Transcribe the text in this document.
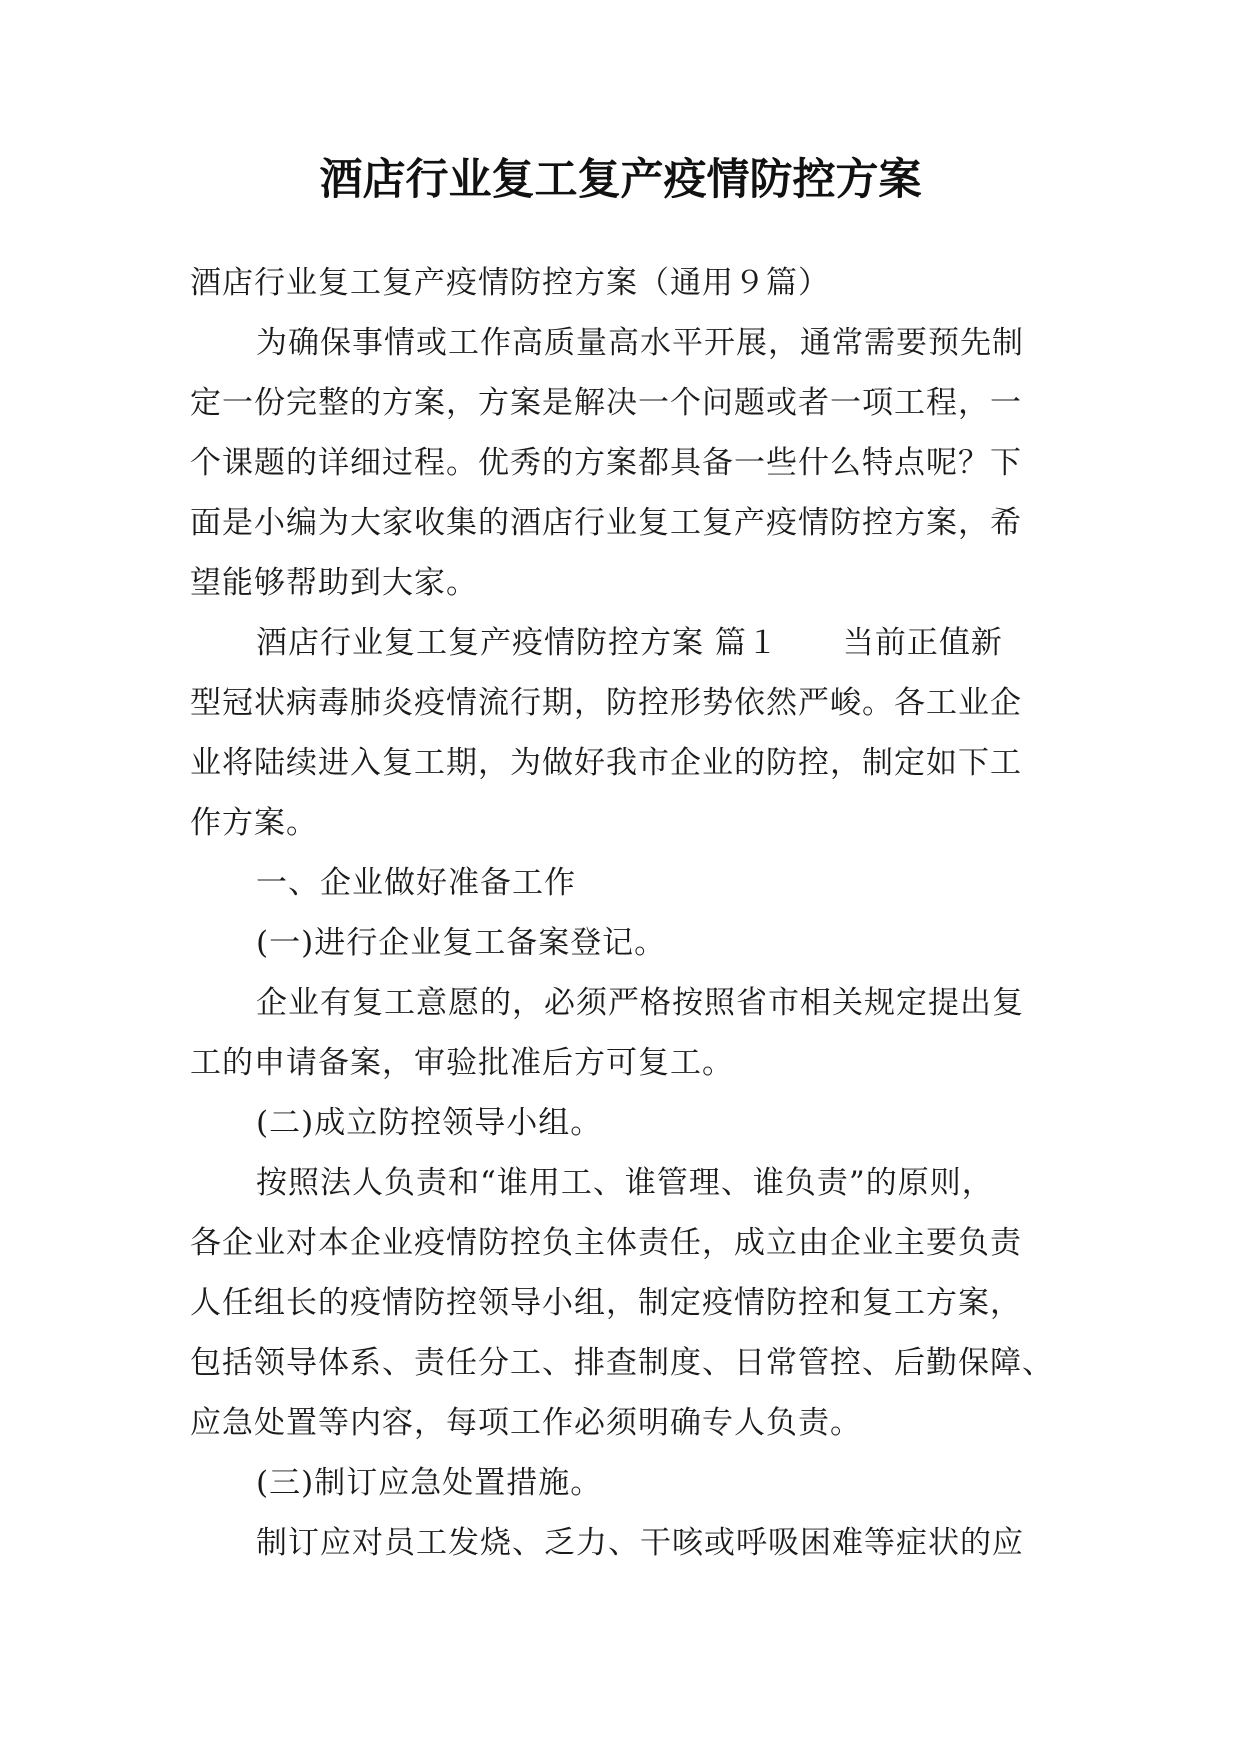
酒店行业复工复产疫情防控方案
酒店行业复工复产疫情防控方案（通用９篇）
为确保事情或工作高质量高水平开展，通常需要预先制
定一份完整的方案，方案是解决一个问题或者一项工程，一
个课题的详细过程。优秀的方案都具备一些什么特点呢？下
面是小编为大家收集的酒店行业复工复产疫情防控方案，希
望能够帮助到大家。
酒店行业复工复产疫情防控方案 篇１　　当前正值新
型冠状病毒肺炎疫情流行期，防控形势依然严峻。各工业企
业将陆续进入复工期，为做好我市企业的防控，制定如下工
作方案。
一、企业做好准备工作
(一)进行企业复工备案登记。
企业有复工意愿的，必须严格按照省市相关规定提出复
工的申请备案，审验批准后方可复工。
(二)成立防控领导小组。
按照法人负责和“谁用工、谁管理、谁负责”的原则，
各企业对本企业疫情防控负主体责任，成立由企业主要负责
人任组长的疫情防控领导小组，制定疫情防控和复工方案，
包括领导体系、责任分工、排查制度、日常管控、后勤保障、
应急处置等内容，每项工作必须明确专人负责。
(三)制订应急处置措施。
制订应对员工发烧、乏力、干咳或呼吸困难等症状的应
